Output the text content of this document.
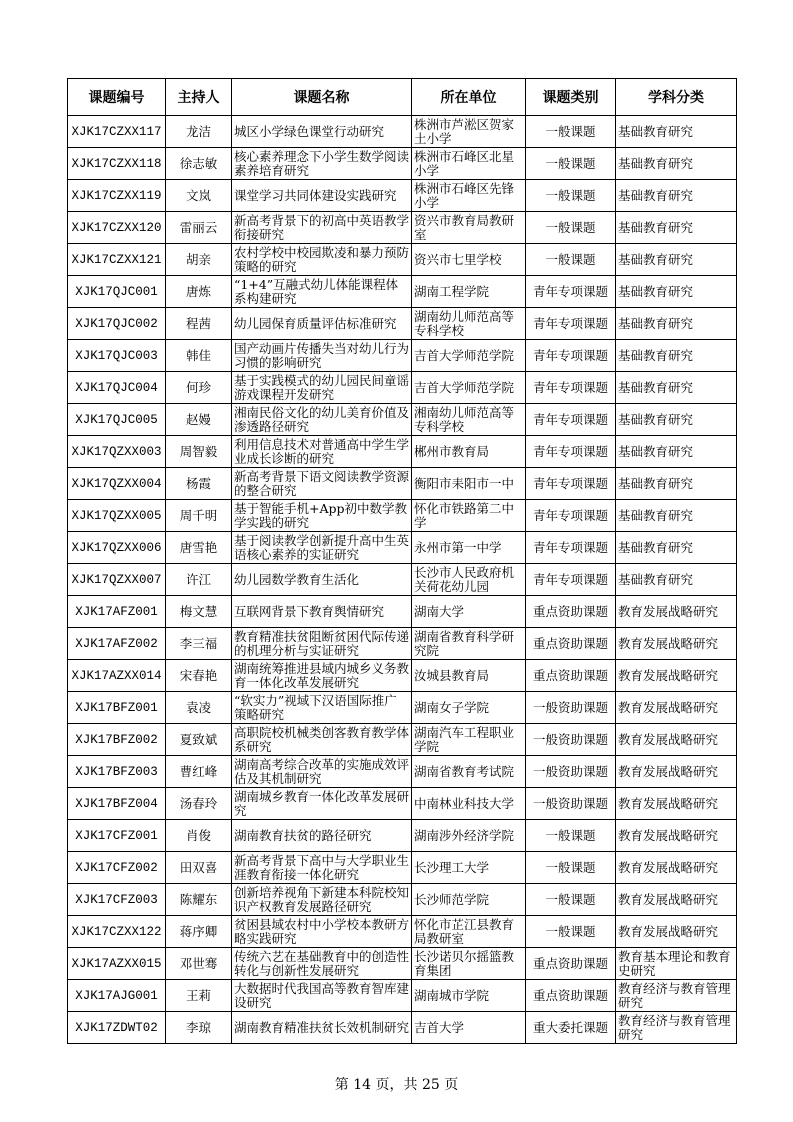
课题编号	主持人	课题名称	所在单位	课题类别	学科分类
XJK17CZXX117	龙洁	城区小学绿色课堂行动研究	株洲市芦淞区贺家土小学	一般课题	基础教育研究
XJK17CZXX118	徐志敏	核心素养理念下小学生数学阅读素养培育研究	株洲市石峰区北星小学	一般课题	基础教育研究
XJK17CZXX119	文岚	课堂学习共同体建设实践研究	株洲市石峰区先锋小学	一般课题	基础教育研究
XJK17CZXX120	雷丽云	新高考背景下的初高中英语教学衔接研究	资兴市教育局教研室	一般课题	基础教育研究
XJK17CZXX121	胡亲	农村学校中校园欺凌和暴力预防策略的研究	资兴市七里学校	一般课题	基础教育研究
XJK17QJC001	唐炼	“1+4”互融式幼儿体能课程体系构建研究	湖南工程学院	青年专项课题	基础教育研究
XJK17QJC002	程茜	幼儿园保育质量评估标准研究	湖南幼儿师范高等专科学校	青年专项课题	基础教育研究
XJK17QJC003	韩佳	国产动画片传播失当对幼儿行为习惯的影响研究	吉首大学师范学院	青年专项课题	基础教育研究
XJK17QJC004	何珍	基于实践模式的幼儿园民间童谣游戏课程开发研究	吉首大学师范学院	青年专项课题	基础教育研究
XJK17QJC005	赵嫚	湘南民俗文化的幼儿美育价值及渗透路径研究	湘南幼儿师范高等专科学校	青年专项课题	基础教育研究
XJK17QZXX003	周智毅	利用信息技术对普通高中学生学业成长诊断的研究	郴州市教育局	青年专项课题	基础教育研究
XJK17QZXX004	杨霞	新高考背景下语文阅读教学资源的整合研究	衡阳市耒阳市一中	青年专项课题	基础教育研究
XJK17QZXX005	周千明	基于智能手机+App初中数学教学实践的研究	怀化市铁路第二中学	青年专项课题	基础教育研究
XJK17QZXX006	唐雪艳	基于阅读教学创新提升高中生英语核心素养的实证研究	永州市第一中学	青年专项课题	基础教育研究
XJK17QZXX007	许江	幼儿园数学教育生活化	长沙市人民政府机关荷花幼儿园	青年专项课题	基础教育研究
XJK17AFZ001	梅文慧	互联网背景下教育舆情研究	湖南大学	重点资助课题	教育发展战略研究
XJK17AFZ002	李三福	教育精准扶贫阻断贫困代际传递的机理分析与实证研究	湖南省教育科学研究院	重点资助课题	教育发展战略研究
XJK17AZXX014	宋春艳	湖南统筹推进县域内城乡义务教育一体化改革发展研究	汝城县教育局	重点资助课题	教育发展战略研究
XJK17BFZ001	袁凌	“软实力”视域下汉语国际推广策略研究	湖南女子学院	一般资助课题	教育发展战略研究
XJK17BFZ002	夏致斌	高职院校机械类创客教育教学体系研究	湖南汽车工程职业学院	一般资助课题	教育发展战略研究
XJK17BFZ003	曹红峰	湖南高考综合改革的实施成效评估及其机制研究	湖南省教育考试院	一般资助课题	教育发展战略研究
XJK17BFZ004	汤春玲	湖南城乡教育一体化改革发展研究	中南林业科技大学	一般资助课题	教育发展战略研究
XJK17CFZ001	肖俊	湖南教育扶贫的路径研究	湖南涉外经济学院	一般课题	教育发展战略研究
XJK17CFZ002	田双喜	新高考背景下高中与大学职业生涯教育衔接一体化研究	长沙理工大学	一般课题	教育发展战略研究
XJK17CFZ003	陈耀东	创新培养视角下新建本科院校知识产权教育发展路径研究	长沙师范学院	一般课题	教育发展战略研究
XJK17CZXX122	蒋序卿	贫困县域农村中小学校本教研方略实践研究	怀化市芷江县教育局教研室	一般课题	教育发展战略研究
XJK17AZXX015	邓世骞	传统六艺在基础教育中的创造性转化与创新性发展研究	长沙诺贝尔摇篮教育集团	重点资助课题	教育基本理论和教育史研究
XJK17AJG001	王莉	大数据时代我国高等教育智库建设研究	湖南城市学院	重点资助课题	教育经济与教育管理研究
XJK17ZDWT02	李琼	湖南教育精准扶贫长效机制研究	吉首大学	重大委托课题	教育经济与教育管理研究
第 14 页，共 25 页
